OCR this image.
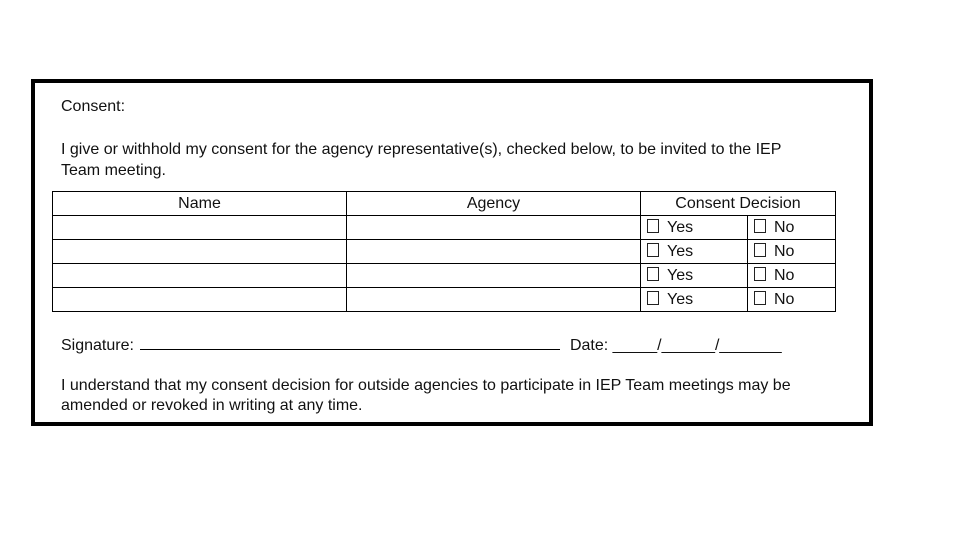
Consent:
I give or withhold my consent for the agency representative(s), checked below, to be invited to the IEP Team meeting.
Name	Agency	Consent Decision	
		Yes	No
		Yes	No
		Yes	No
		Yes	No
Signature:	Date: _____/______/_______
I understand that my consent decision for outside agencies to participate in IEP Team meetings may be amended or revoked in writing at any time.
